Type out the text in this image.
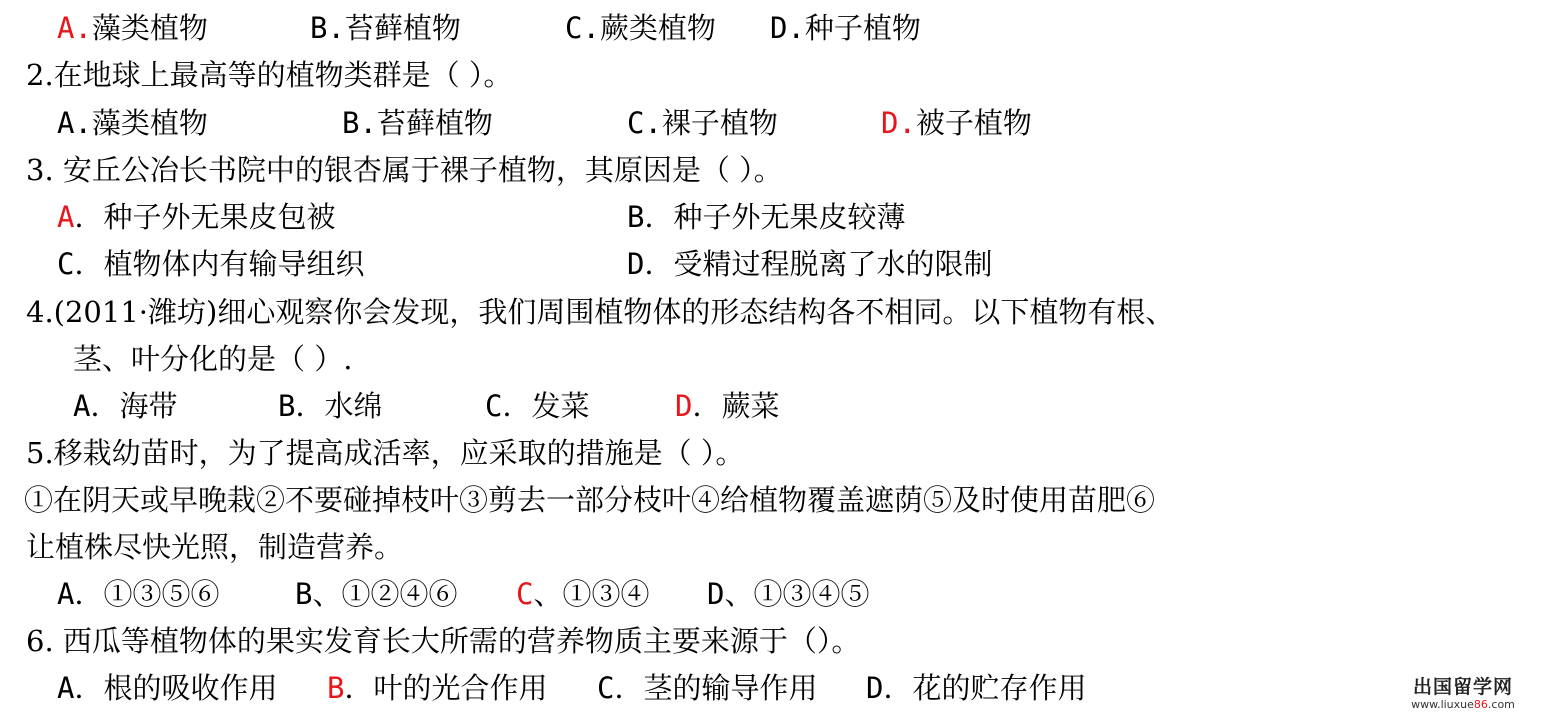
A.藻类植物	B.苔藓植物	C.蕨类植物 D.种子植物
2.在地球上最高等的植物类群是（ ）。
A.藻类植物	B.苔藓植物	C.裸子植物	D.被子植物
3. 安丘公冶长书院中的银杏属于裸子植物，其原因是（ ）。
A．种子外无果皮包被	B．种子外无果皮较薄
C．植物体内有输导组织	D．受精过程脱离了水的限制
4.(2011·潍坊)细心观察你会发现，我们周围植物体的形态结构各不相同。以下植物有根、
茎、叶分化的是（ ）.
A．海带	B．水绵	C．发菜	D．蕨菜
5.移栽幼苗时，为了提高成活率，应采取的措施是（ ）。
①在阴天或早晚栽②不要碰掉枝叶③剪去一部分枝叶④给植物覆盖遮荫⑤及时使用苗肥⑥
让植株尽快光照，制造营养。
A．①③⑤⑥	B、①②④⑥ C、①③④ D、①③④⑤
6. 西瓜等植物体的果实发育长大所需的营养物质主要来源于（）。
A．根的吸收作用 B．叶的光合作用 C．茎的输导作用 D．花的贮存作用	出国留学网
www.liuxue86.com
